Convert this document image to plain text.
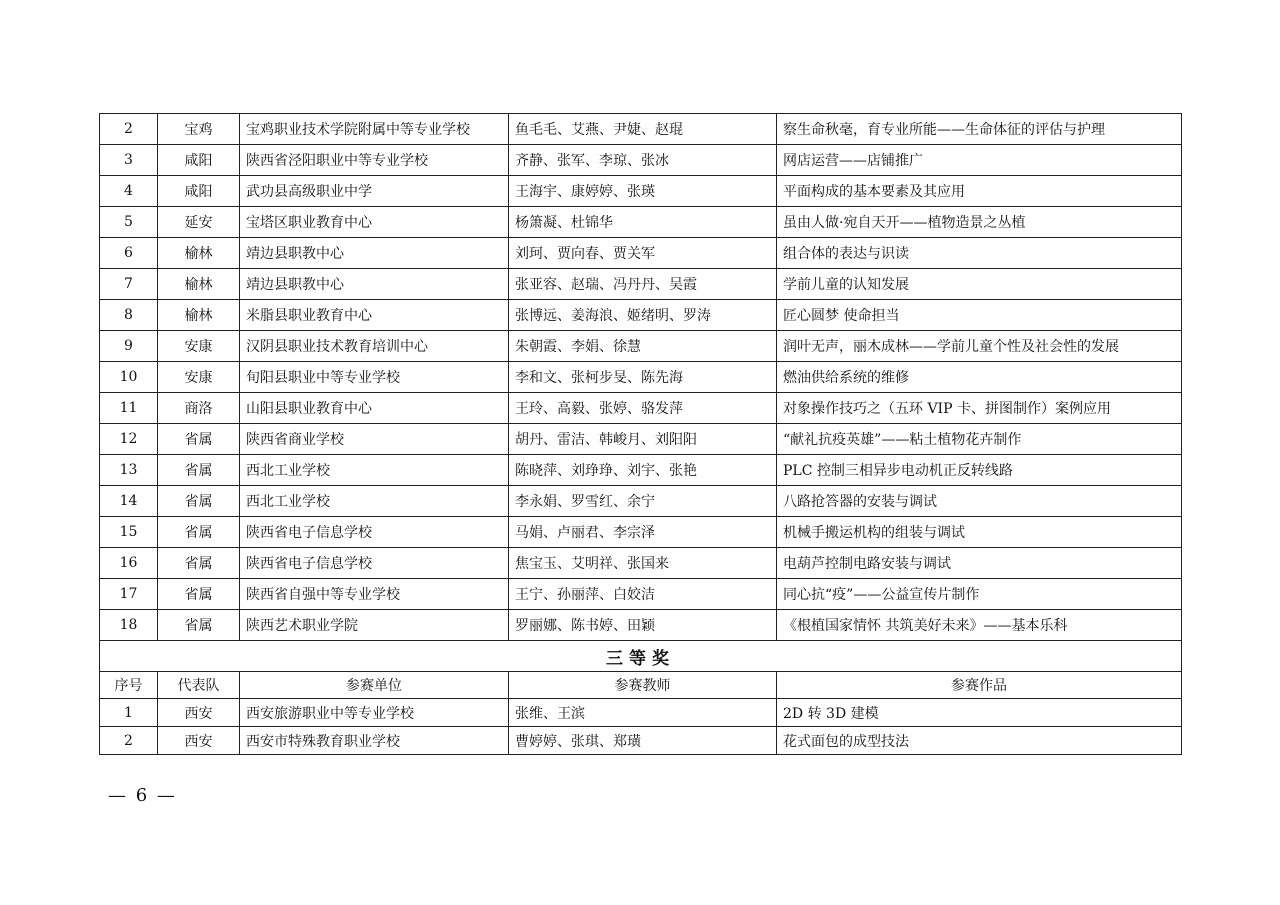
2	宝鸡	宝鸡职业技术学院附属中等专业学校	鱼毛毛、艾燕、尹婕、赵琨	察生命秋毫，育专业所能——生命体征的评估与护理
3	咸阳	陕西省泾阳职业中等专业学校	齐静、张军、李琼、张冰	网店运营——店铺推广
4	咸阳	武功县高级职业中学	王海宇、康婷婷、张瑛	平面构成的基本要素及其应用
5	延安	宝塔区职业教育中心	杨箫凝、杜锦华	虽由人做·宛自天开——植物造景之丛植
6	榆林	靖边县职教中心	刘珂、贾向春、贾关军	组合体的表达与识读
7	榆林	靖边县职教中心	张亚容、赵瑞、冯丹丹、吴霞	学前儿童的认知发展
8	榆林	米脂县职业教育中心	张博远、姜海浪、姬绪明、罗涛	匠心圆梦 使命担当
9	安康	汉阴县职业技术教育培训中心	朱朝霞、李娟、徐慧	润叶无声，丽木成林——学前儿童个性及社会性的发展
10	安康	旬阳县职业中等专业学校	李和文、张柯步旻、陈先海	燃油供给系统的维修
11	商洛	山阳县职业教育中心	王玲、高毅、张婷、骆发萍	对象操作技巧之（五环 VIP 卡、拼图制作）案例应用
12	省属	陕西省商业学校	胡丹、雷洁、韩峻月、刘阳阳	“献礼抗疫英雄”——粘土植物花卉制作
13	省属	西北工业学校	陈晓萍、刘琤琤、刘宇、张艳	PLC 控制三相异步电动机正反转线路
14	省属	西北工业学校	李永娟、罗雪红、余宁	八路抢答器的安装与调试
15	省属	陕西省电子信息学校	马娟、卢丽君、李宗泽	机械手搬运机构的组装与调试
16	省属	陕西省电子信息学校	焦宝玉、艾明祥、张国来	电葫芦控制电路安装与调试
17	省属	陕西省自强中等专业学校	王宁、孙丽萍、白姣洁	同心抗“疫”——公益宣传片制作
18	省属	陕西艺术职业学院	罗丽娜、陈书婷、田颖	《根植国家情怀 共筑美好未来》——基本乐科
三等奖				
序号	代表队	参赛单位	参赛教师	参赛作品
1	西安	西安旅游职业中等专业学校	张维、王滨	2D 转 3D 建模
2	西安	西安市特殊教育职业学校	曹婷婷、张琪、郑璜	花式面包的成型技法
— 6 —
